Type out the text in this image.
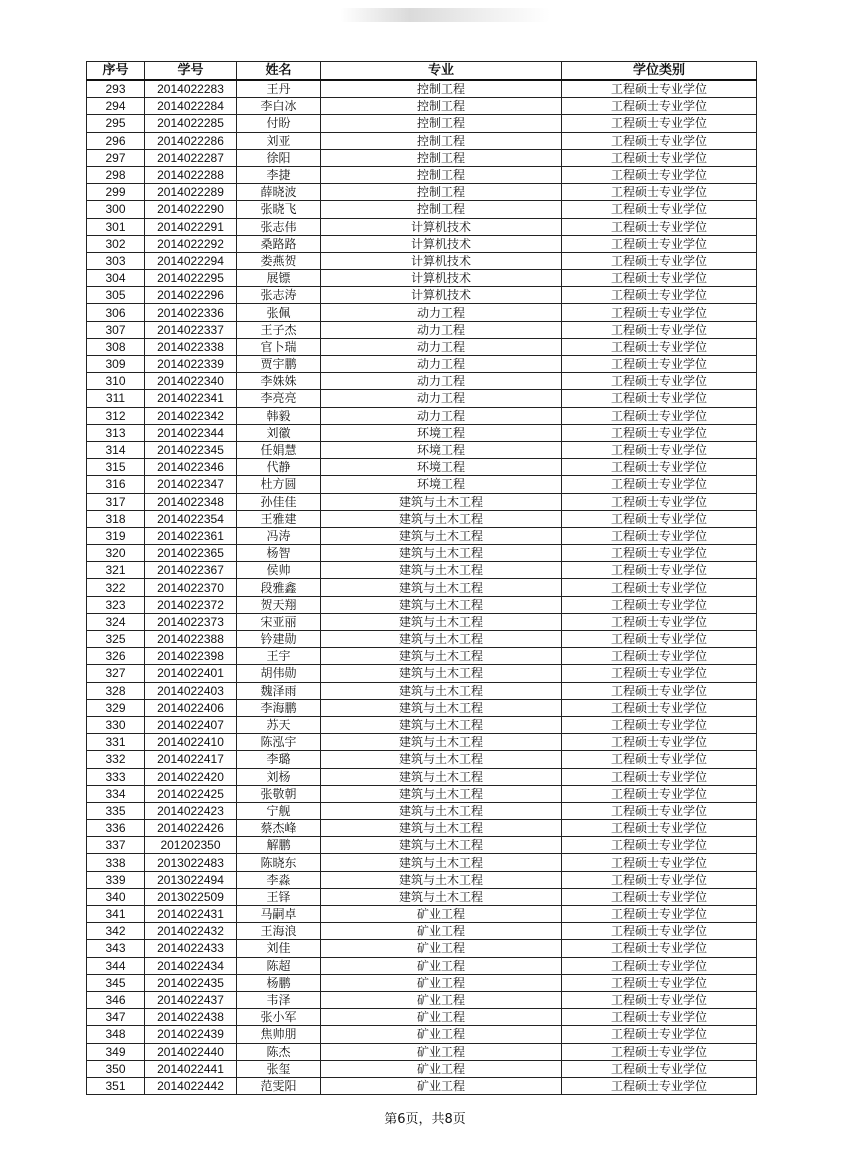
序号	学号	姓名	专业	学位类别
293	2014022283	王丹	控制工程	工程硕士专业学位
294	2014022284	李白冰	控制工程	工程硕士专业学位
295	2014022285	付盼	控制工程	工程硕士专业学位
296	2014022286	刘亚	控制工程	工程硕士专业学位
297	2014022287	徐阳	控制工程	工程硕士专业学位
298	2014022288	李捷	控制工程	工程硕士专业学位
299	2014022289	薛晓波	控制工程	工程硕士专业学位
300	2014022290	张晓飞	控制工程	工程硕士专业学位
301	2014022291	张志伟	计算机技术	工程硕士专业学位
302	2014022292	桑路路	计算机技术	工程硕士专业学位
303	2014022294	娄燕贺	计算机技术	工程硕士专业学位
304	2014022295	展镖	计算机技术	工程硕士专业学位
305	2014022296	张志涛	计算机技术	工程硕士专业学位
306	2014022336	张佩	动力工程	工程硕士专业学位
307	2014022337	王子杰	动力工程	工程硕士专业学位
308	2014022338	官卜瑞	动力工程	工程硕士专业学位
309	2014022339	贾宇鹏	动力工程	工程硕士专业学位
310	2014022340	李姝姝	动力工程	工程硕士专业学位
311	2014022341	李亮亮	动力工程	工程硕士专业学位
312	2014022342	韩毅	动力工程	工程硕士专业学位
313	2014022344	刘徽	环境工程	工程硕士专业学位
314	2014022345	任娟慧	环境工程	工程硕士专业学位
315	2014022346	代静	环境工程	工程硕士专业学位
316	2014022347	杜方圆	环境工程	工程硕士专业学位
317	2014022348	孙佳佳	建筑与土木工程	工程硕士专业学位
318	2014022354	王雅建	建筑与土木工程	工程硕士专业学位
319	2014022361	冯涛	建筑与土木工程	工程硕士专业学位
320	2014022365	杨智	建筑与土木工程	工程硕士专业学位
321	2014022367	侯帅	建筑与土木工程	工程硕士专业学位
322	2014022370	段雅鑫	建筑与土木工程	工程硕士专业学位
323	2014022372	贺天翔	建筑与土木工程	工程硕士专业学位
324	2014022373	宋亚丽	建筑与土木工程	工程硕士专业学位
325	2014022388	钤建勋	建筑与土木工程	工程硕士专业学位
326	2014022398	王宇	建筑与土木工程	工程硕士专业学位
327	2014022401	胡伟勋	建筑与土木工程	工程硕士专业学位
328	2014022403	魏泽雨	建筑与土木工程	工程硕士专业学位
329	2014022406	李海鹏	建筑与土木工程	工程硕士专业学位
330	2014022407	苏天	建筑与土木工程	工程硕士专业学位
331	2014022410	陈泓宇	建筑与土木工程	工程硕士专业学位
332	2014022417	李璐	建筑与土木工程	工程硕士专业学位
333	2014022420	刘杨	建筑与土木工程	工程硕士专业学位
334	2014022425	张敬朝	建筑与土木工程	工程硕士专业学位
335	2014022423	宁舰	建筑与土木工程	工程硕士专业学位
336	2014022426	蔡杰峰	建筑与土木工程	工程硕士专业学位
337	201202350	解鹏	建筑与土木工程	工程硕士专业学位
338	2013022483	陈晓东	建筑与土木工程	工程硕士专业学位
339	2013022494	李淼	建筑与土木工程	工程硕士专业学位
340	2013022509	王铎	建筑与土木工程	工程硕士专业学位
341	2014022431	马嗣卓	矿业工程	工程硕士专业学位
342	2014022432	王海浪	矿业工程	工程硕士专业学位
343	2014022433	刘佳	矿业工程	工程硕士专业学位
344	2014022434	陈超	矿业工程	工程硕士专业学位
345	2014022435	杨鹏	矿业工程	工程硕士专业学位
346	2014022437	韦泽	矿业工程	工程硕士专业学位
347	2014022438	张小军	矿业工程	工程硕士专业学位
348	2014022439	焦帅朋	矿业工程	工程硕士专业学位
349	2014022440	陈杰	矿业工程	工程硕士专业学位
350	2014022441	张玺	矿业工程	工程硕士专业学位
351	2014022442	范雯阳	矿业工程	工程硕士专业学位
第6页，共8页
